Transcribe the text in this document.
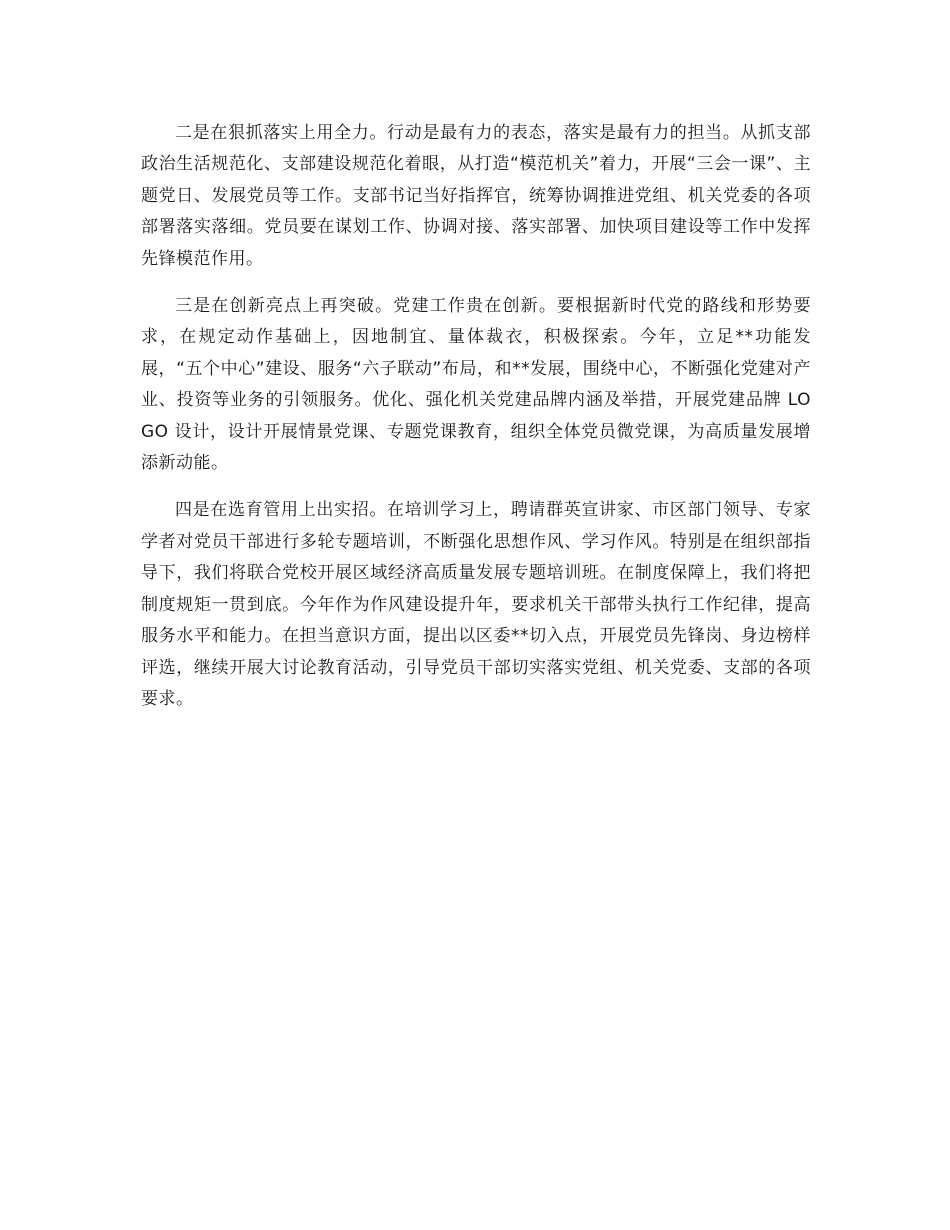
二是在狠抓落实上用全力。行动是最有力的表态，落实是最有力的担当。从抓支部政治生活规范化、支部建设规范化着眼，从打造“模范机关”着力，开展“三会一课”、主题党日、发展党员等工作。支部书记当好指挥官，统筹协调推进党组、机关党委的各项部署落实落细。党员要在谋划工作、协调对接、落实部署、加快项目建设等工作中发挥先锋模范作用。

三是在创新亮点上再突破。党建工作贵在创新。要根据新时代党的路线和形势要求，在规定动作基础上，因地制宜、量体裁衣，积极探索。今年，立足**功能发展，“五个中心”建设、服务“六子联动”布局，和**发展，围绕中心，不断强化党建对产业、投资等业务的引领服务。优化、强化机关党建品牌内涵及举措，开展党建品牌 LOGO 设计，设计开展情景党课、专题党课教育，组织全体党员微党课，为高质量发展增添新动能。

四是在选育管用上出实招。在培训学习上，聘请群英宣讲家、市区部门领导、专家学者对党员干部进行多轮专题培训，不断强化思想作风、学习作风。特别是在组织部指导下，我们将联合党校开展区域经济高质量发展专题培训班。在制度保障上，我们将把制度规矩一贯到底。今年作为作风建设提升年，要求机关干部带头执行工作纪律，提高服务水平和能力。在担当意识方面，提出以区委**切入点，开展党员先锋岗、身边榜样评选，继续开展大讨论教育活动，引导党员干部切实落实党组、机关党委、支部的各项要求。
